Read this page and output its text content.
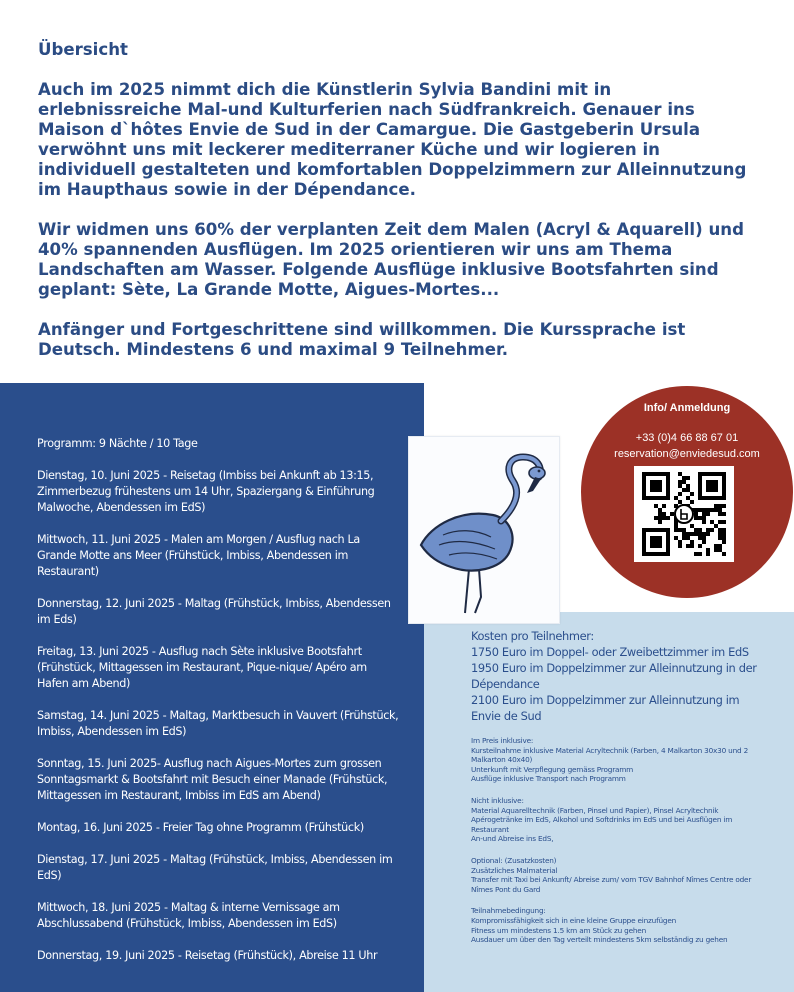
Übersicht

Auch im 2025 nimmt dich die Künstlerin Sylvia Bandini mit in erlebnissreiche Mal-und Kulturferien nach Südfrankreich. Genauer ins Maison d`hôtes Envie de Sud in der Camargue. Die Gastgeberin Ursula verwöhnt uns mit leckerer mediterraner Küche und wir logieren in individuell gestalteten und komfortablen Doppelzimmern zur Alleinnutzung im Haupthaus sowie in der Dépendance.

Wir widmen uns 60% der verplanten Zeit dem Malen (Acryl & Aquarell) und 40% spannenden Ausflügen. Im 2025 orientieren wir uns am Thema Landschaften am Wasser. Folgende Ausflüge inklusive Bootsfahrten sind geplant: Sète, La Grande Motte, Aigues-Mortes...

Anfänger und Fortgeschrittene sind willkommen. Die Kurssprache ist Deutsch. Mindestens 6 und maximal 9 Teilnehmer.

Programm: 9 Nächte / 10 Tage
Dienstag, 10. Juni 2025 - Reisetag (Imbiss bei Ankunft ab 13:15, Zimmerbezug frühestens um 14 Uhr, Spaziergang & Einführung Malwoche, Abendessen im EdS)
Mittwoch, 11. Juni 2025 - Malen am Morgen / Ausflug nach La Grande Motte ans Meer (Frühstück, Imbiss, Abendessen im Restaurant)
Donnerstag, 12. Juni 2025 - Maltag (Frühstück, Imbiss, Abendessen im Eds)
Freitag, 13. Juni 2025 - Ausflug nach Sète inklusive Bootsfahrt (Frühstück, Mittagessen im Restaurant, Pique-nique/ Apéro am Hafen am Abend)
Samstag, 14. Juni 2025 - Maltag, Marktbesuch in Vauvert (Frühstück, Imbiss, Abendessen im EdS)
Sonntag, 15. Juni 2025- Ausflug nach Aigues-Mortes zum grossen Sonntagsmarkt & Bootsfahrt mit Besuch einer Manade (Frühstück, Mittagessen im Restaurant, Imbiss im EdS am Abend)
Montag, 16. Juni 2025 - Freier Tag ohne Programm (Frühstück)
Dienstag, 17. Juni 2025 - Maltag (Frühstück, Imbiss, Abendessen im EdS)
Mittwoch, 18. Juni 2025 - Maltag & interne Vernissage am Abschlussabend (Frühstück, Imbiss, Abendessen im EdS)
Donnerstag, 19. Juni 2025 - Reisetag (Frühstück), Abreise 11 Uhr
Kosten pro Teilnehmer:
1750 Euro im Doppel- oder Zweibettzimmer im EdS
1950 Euro im Doppelzimmer zur Alleinnutzung in der Dépendance
2100 Euro im Doppelzimmer zur Alleinnutzung im Envie de Sud
Im Preis inklusive:
Kursteilnahme inklusive Material Acryltechnik (Farben, 4 Malkarton 30x30 und 2 Malkarton 40x40)
Unterkunft mit Verpflegung gemäss Programm
Ausflüge inklusive Transport nach Programm
Nicht inklusive:
Material Aquarelltechnik (Farben, Pinsel und Papier), Pinsel Acryltechnik
Apérogetränke im EdS, Alkohol und Softdrinks im EdS und bei Ausflügen im Restaurant
An-und Abreise ins EdS,
Optional: (Zusatzkosten)
Zusätzliches Malmaterial
Transfer mit Taxi bei Ankunft/ Abreise zum/ vom TGV Bahnhof Nîmes Centre oder Nîmes Pont du Gard
Teilnahmebedingung:
Kompromissfähigkeit sich in eine kleine Gruppe einzufügen
Fitness um mindestens 1.5 km am Stück zu gehen
Ausdauer um über den Tag verteilt mindestens 5km selbständig zu gehen
Info/ Anmeldung
+33 (0)4 66 88 67 01
reservation@enviedesud.com
